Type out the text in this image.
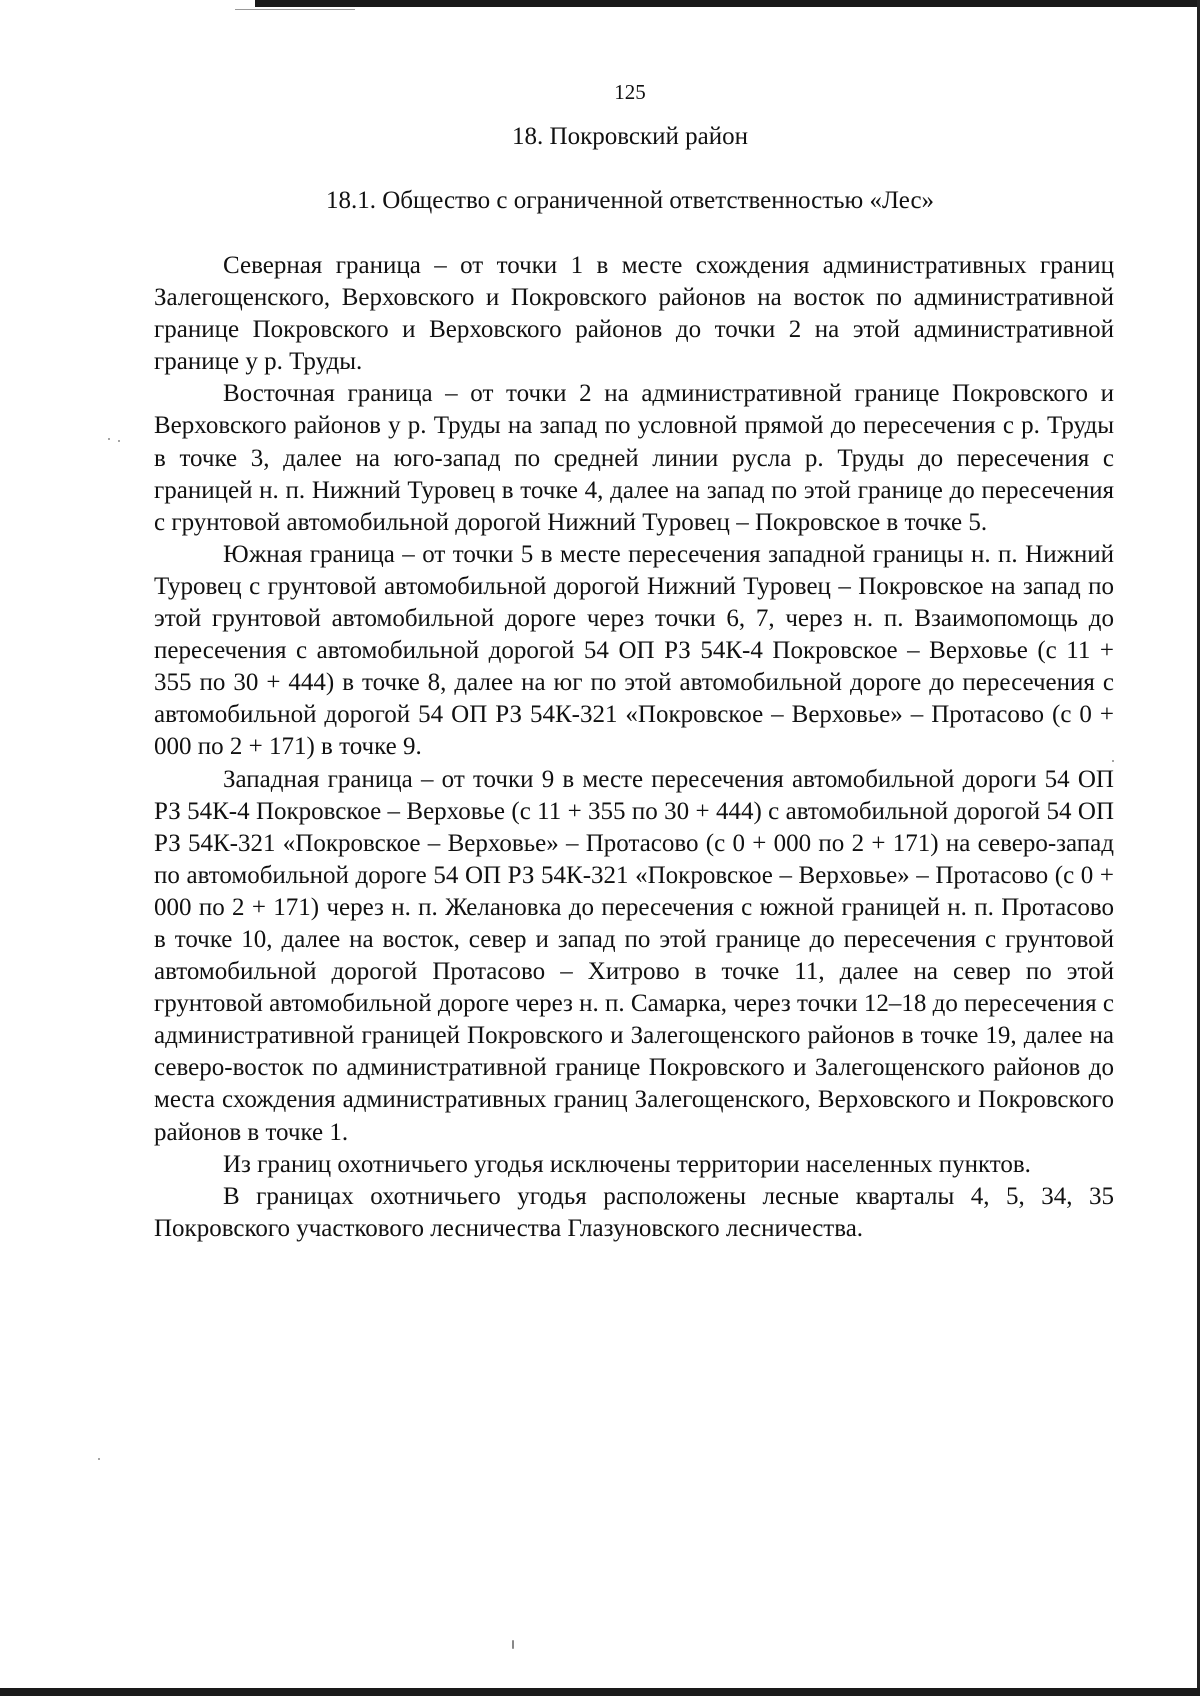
125
18. Покровский район
18.1. Общество с ограниченной ответственностью «Лес»

Северная граница – от точки 1 в месте схождения административных границ Залегощенского, Верховского и Покровского районов на восток по административной границе Покровского и Верховского районов до точки 2 на этой административной границе у р. Труды.

Восточная граница – от точки 2 на административной границе Покровского и Верховского районов у р. Труды на запад по условной прямой до пересечения с р. Труды в точке 3, далее на юго-запад по средней линии русла р. Труды до пересечения с границей н. п. Нижний Туровец в точке 4, далее на запад по этой границе до пересечения с грунтовой автомобильной дорогой Нижний Туровец – Покровское в точке 5.

Южная граница – от точки 5 в месте пересечения западной границы н. п. Нижний Туровец с грунтовой автомобильной дорогой Нижний Туровец – Покровское на запад по этой грунтовой автомобильной дороге через точки 6, 7, через н. п. Взаимопомощь до пересечения с автомобильной дорогой 54 ОП РЗ 54К-4 Покровское – Верховье (с 11 + 355 по 30 + 444) в точке 8, далее на юг по этой автомобильной дороге до пересечения с автомобильной дорогой 54 ОП РЗ 54К-321 «Покровское – Верховье» – Протасово (с 0 + 000 по 2 + 171) в точке 9.

Западная граница – от точки 9 в месте пересечения автомобильной дороги 54 ОП РЗ 54К-4 Покровское – Верховье (с 11 + 355 по 30 + 444) с автомобильной дорогой 54 ОП РЗ 54К-321 «Покровское – Верховье» – Протасово (с 0 + 000 по 2 + 171) на северо-запад по автомобильной дороге 54 ОП РЗ 54К-321 «Покровское – Верховье» – Протасово (с 0 + 000 по 2 + 171) через н. п. Желановка до пересечения с южной границей н. п. Протасово в точке 10, далее на восток, север и запад по этой границе до пересечения с грунтовой автомобильной дорогой Протасово – Хитрово в точке 11, далее на север по этой грунтовой автомобильной дороге через н. п. Самарка, через точки 12–18 до пересечения с административной границей Покровского и Залегощенского районов в точке 19, далее на северо-восток по административной границе Покровского и Залегощенского районов до места схождения административных границ Залегощенского, Верховского и Покровского районов в точке 1.

Из границ охотничьего угодья исключены территории населенных пунктов.

В границах охотничьего угодья расположены лесные кварталы 4, 5, 34, 35 Покровского участкового лесничества Глазуновского лесничества.
